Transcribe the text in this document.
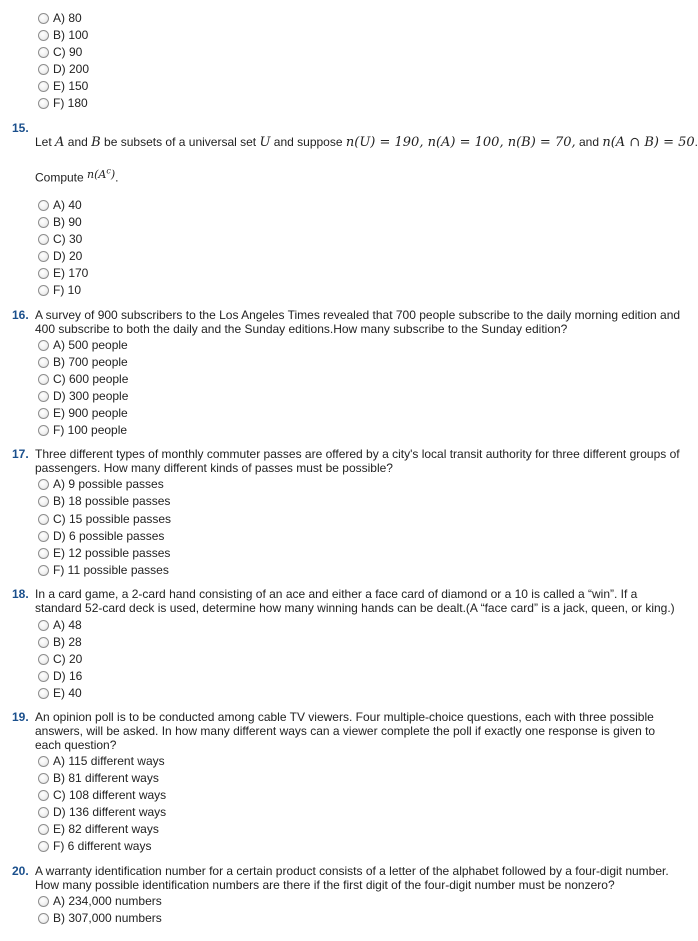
A) 80
B) 100
C) 90
D) 200
E) 150
F) 180
15.
Let A and B be subsets of a universal set U and suppose n(U) = 190, n(A) = 100, n(B) = 70, and n(A ∩ B) = 50.
Compute $n(A^c)$.
A) 40
B) 90
C) 30
D) 20
E) 170
F) 10
16. A survey of 900 subscribers to the Los Angeles Times revealed that 700 people subscribe to the daily morning edition and 400 subscribe to both the daily and the Sunday editions.How many subscribe to the Sunday edition?
A) 500 people
B) 700 people
C) 600 people
D) 300 people
E) 900 people
F) 100 people
17. Three different types of monthly commuter passes are offered by a city's local transit authority for three different groups of passengers. How many different kinds of passes must be possible?
A) 9 possible passes
B) 18 possible passes
C) 15 possible passes
D) 6 possible passes
E) 12 possible passes
F) 11 possible passes
18. In a card game, a 2-card hand consisting of an ace and either a face card of diamond or a 10 is called a “win”. If a standard 52-card deck is used, determine how many winning hands can be dealt.(A “face card” is a jack, queen, or king.)
A) 48
B) 28
C) 20
D) 16
E) 40
19. An opinion poll is to be conducted among cable TV viewers. Four multiple-choice questions, each with three possible answers, will be asked. In how many different ways can a viewer complete the poll if exactly one response is given to each question?
A) 115 different ways
B) 81 different ways
C) 108 different ways
D) 136 different ways
E) 82 different ways
F) 6 different ways
20. A warranty identification number for a certain product consists of a letter of the alphabet followed by a four-digit number. How many possible identification numbers are there if the first digit of the four-digit number must be nonzero?
A) 234,000 numbers
B) 307,000 numbers
